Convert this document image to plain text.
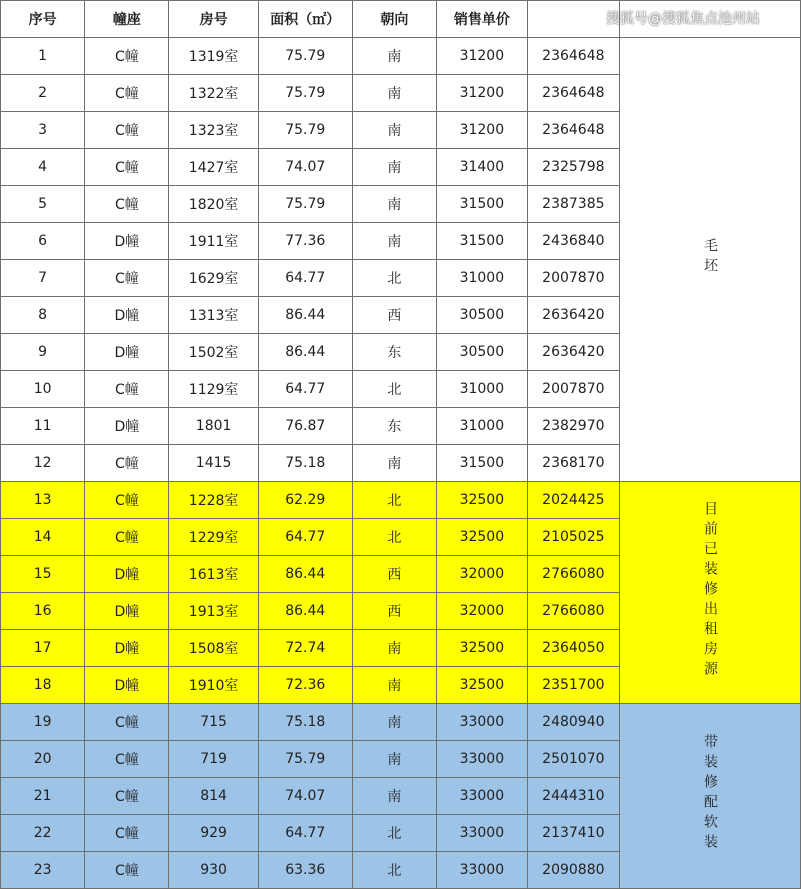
序号	幢座	房号	面积（㎡）	朝向	销售单价		
1	C幢	1319室	75.79	南	31200	2364648	毛坯
2	C幢	1322室	75.79	南	31200	2364648	
3	C幢	1323室	75.79	南	31200	2364648	
4	C幢	1427室	74.07	南	31400	2325798	
5	C幢	1820室	75.79	南	31500	2387385	
6	D幢	1911室	77.36	南	31500	2436840	
7	C幢	1629室	64.77	北	31000	2007870	
8	D幢	1313室	86.44	西	30500	2636420	
9	D幢	1502室	86.44	东	30500	2636420	
10	C幢	1129室	64.77	北	31000	2007870	
11	D幢	1801	76.87	东	31000	2382970	
12	C幢	1415	75.18	南	31500	2368170	
13	C幢	1228室	62.29	北	32500	2024425	目前已装修出租房源
14	C幢	1229室	64.77	北	32500	2105025	
15	D幢	1613室	86.44	西	32000	2766080	
16	D幢	1913室	86.44	西	32000	2766080	
17	D幢	1508室	72.74	南	32500	2364050	
18	D幢	1910室	72.36	南	32500	2351700	
19	C幢	715	75.18	南	33000	2480940	带装修配软装
20	C幢	719	75.79	南	33000	2501070	
21	C幢	814	74.07	南	33000	2444310	
22	C幢	929	64.77	北	33000	2137410	
23	C幢	930	63.36	北	33000	2090880	
搜狐号@搜狐焦点池州站
